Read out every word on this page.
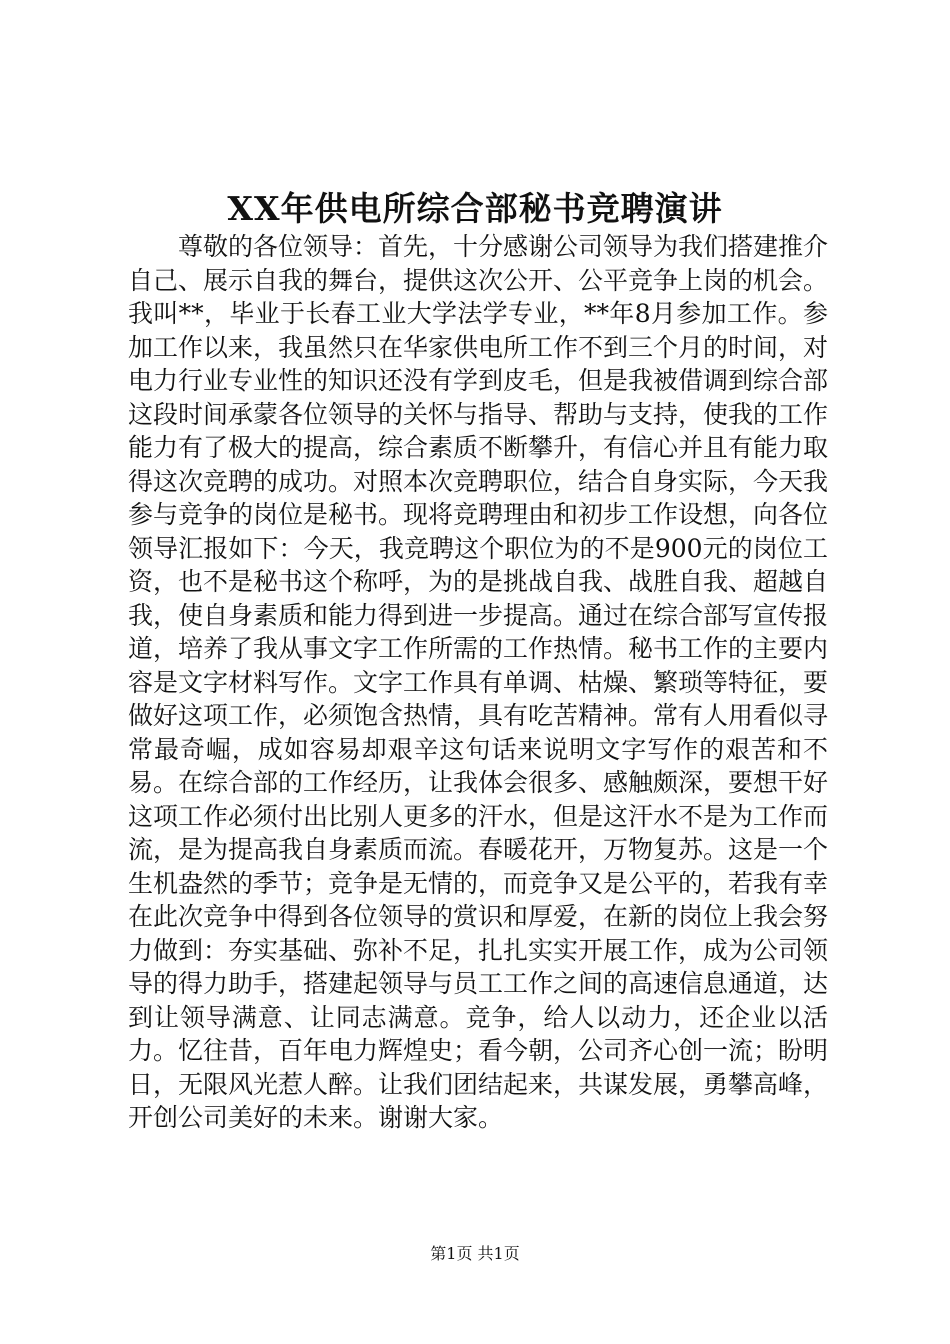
XX年供电所综合部秘书竞聘演讲

尊敬的各位领导：首先，十分感谢公司领导为我们搭建推介自己、展示自我的舞台，提供这次公开、公平竞争上岗的机会。我叫**，毕业于长春工业大学法学专业，**年8月参加工作。参加工作以来，我虽然只在华家供电所工作不到三个月的时间，对电力行业专业性的知识还没有学到皮毛，但是我被借调到综合部这段时间承蒙各位领导的关怀与指导、帮助与支持，使我的工作能力有了极大的提高，综合素质不断攀升，有信心并且有能力取得这次竞聘的成功。对照本次竞聘职位，结合自身实际，今天我参与竞争的岗位是秘书。现将竞聘理由和初步工作设想，向各位领导汇报如下：今天，我竞聘这个职位为的不是900元的岗位工资，也不是秘书这个称呼，为的是挑战自我、战胜自我、超越自我，使自身素质和能力得到进一步提高。通过在综合部写宣传报道，培养了我从事文字工作所需的工作热情。秘书工作的主要内容是文字材料写作。文字工作具有单调、枯燥、繁琐等特征，要做好这项工作，必须饱含热情，具有吃苦精神。常有人用看似寻常最奇崛，成如容易却艰辛这句话来说明文字写作的艰苦和不易。在综合部的工作经历，让我体会很多、感触颇深，要想干好这项工作必须付出比别人更多的汗水，但是这汗水不是为工作而流，是为提高我自身素质而流。春暖花开，万物复苏。这是一个生机盎然的季节；竞争是无情的，而竞争又是公平的，若我有幸在此次竞争中得到各位领导的赏识和厚爱，在新的岗位上我会努力做到：夯实基础、弥补不足，扎扎实实开展工作，成为公司领导的得力助手，搭建起领导与员工工作之间的高速信息通道，达到让领导满意、让同志满意。竞争，给人以动力，还企业以活力。忆往昔，百年电力辉煌史；看今朝，公司齐心创一流；盼明日，无限风光惹人醉。让我们团结起来，共谋发展，勇攀高峰，开创公司美好的未来。谢谢大家。

第1页 共1页
